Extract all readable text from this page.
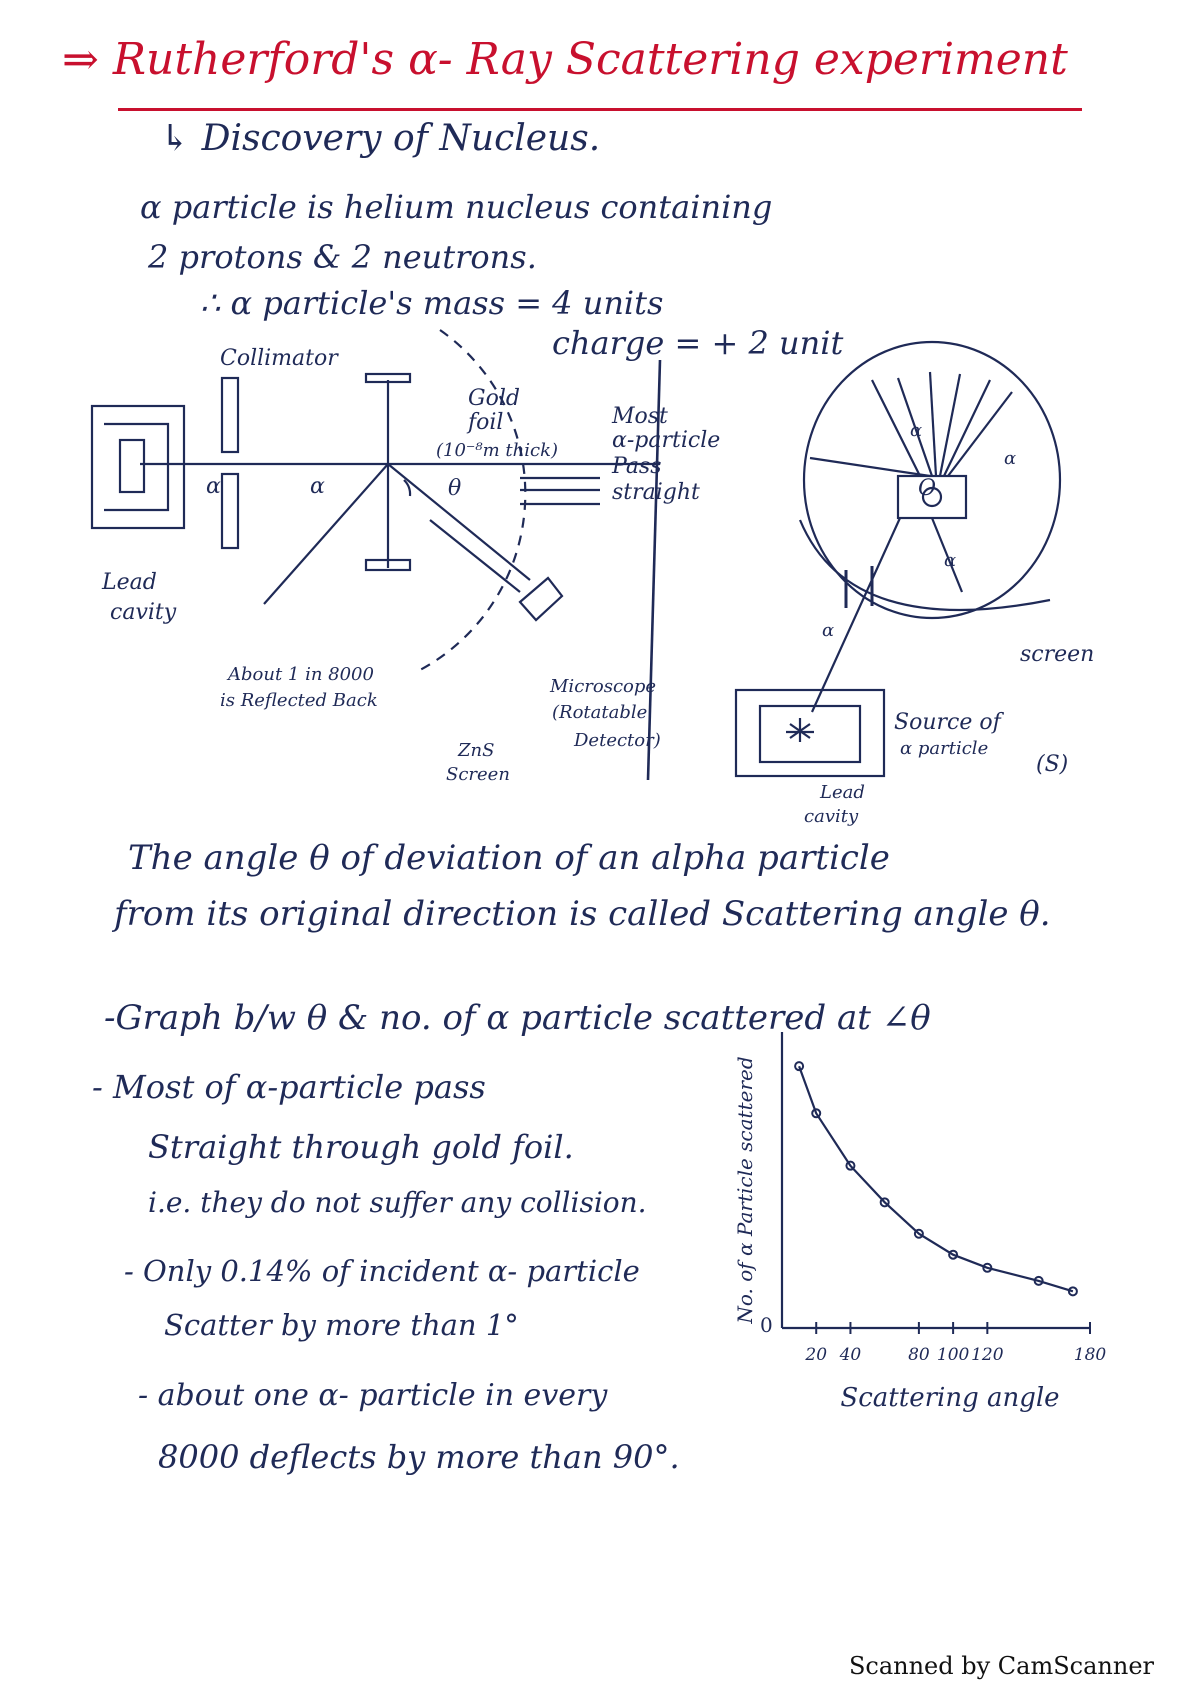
⇒ Rutherford's α- Ray Scattering experiment
↳ Discovery of Nucleus.
α particle is helium nucleus containing
2 protons & 2 neutrons.
∴ α particle's mass = 4 units
charge = + 2 unit
Collimator
Gold
foil
(10⁻⁸m thick)
Most
α-particle
Pass
straight
Lead
cavity
α	α	θ
About 1 in 8000
is Reflected Back
ZnS
Screen
Microscope
(Rotatable
Detector)
O
α
α
α
α
screen
Source of
α particle
(S)
Lead
cavity
The angle θ of deviation of an alpha particle
from its original direction is called Scattering angle θ.
-Graph b/w θ & no. of α particle scattered at ∠θ
- Most of α-particle pass
Straight through gold foil.
i.e. they do not suffer any collision.
- Only 0.14% of incident α- particle
Scatter by more than 1°
- about one α- particle in every
8000 deflects by more than 90°.
20 40	80 100 120	180
0
Scattering angle
No. of α Particle scattered
Scanned by CamScanner
